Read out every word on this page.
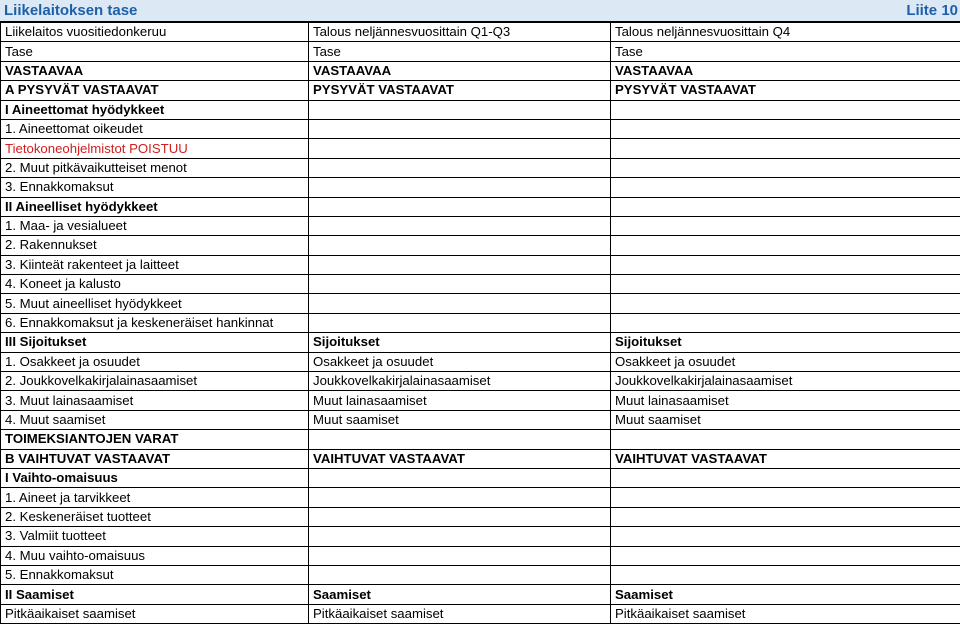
Liikelaitoksen tase	Liite 10
Liikelaitos vuositiedonkeruu	Talous neljännesvuosittain Q1-Q3	Talous neljännesvuosittain Q4
Tase	Tase	Tase
VASTAAVAA	VASTAAVAA	VASTAAVAA
A PYSYVÄT VASTAAVAT	PYSYVÄT VASTAAVAT	PYSYVÄT VASTAAVAT
I Aineettomat hyödykkeet		
1. Aineettomat oikeudet		
Tietokoneohjelmistot POISTUU		
2. Muut pitkävaikutteiset menot		
3. Ennakkomaksut		
II Aineelliset hyödykkeet		
1. Maa- ja vesialueet		
2. Rakennukset		
3. Kiinteät rakenteet ja laitteet		
4. Koneet ja kalusto		
5. Muut aineelliset hyödykkeet		
6. Ennakkomaksut ja keskeneräiset hankinnat		
III Sijoitukset	Sijoitukset	Sijoitukset
1. Osakkeet ja osuudet	Osakkeet ja osuudet	Osakkeet ja osuudet
2. Joukkovelkakirjalainasaamiset	Joukkovelkakirjalainasaamiset	Joukkovelkakirjalainasaamiset
3. Muut lainasaamiset	Muut lainasaamiset	Muut lainasaamiset
4. Muut saamiset	Muut saamiset	Muut saamiset
TOIMEKSIANTOJEN VARAT		
B VAIHTUVAT VASTAAVAT	VAIHTUVAT VASTAAVAT	VAIHTUVAT VASTAAVAT
I Vaihto-omaisuus		
1. Aineet ja tarvikkeet		
2. Keskeneräiset tuotteet		
3. Valmiit tuotteet		
4. Muu vaihto-omaisuus		
5. Ennakkomaksut		
II Saamiset	Saamiset	Saamiset
Pitkäaikaiset saamiset	Pitkäaikaiset saamiset	Pitkäaikaiset saamiset
